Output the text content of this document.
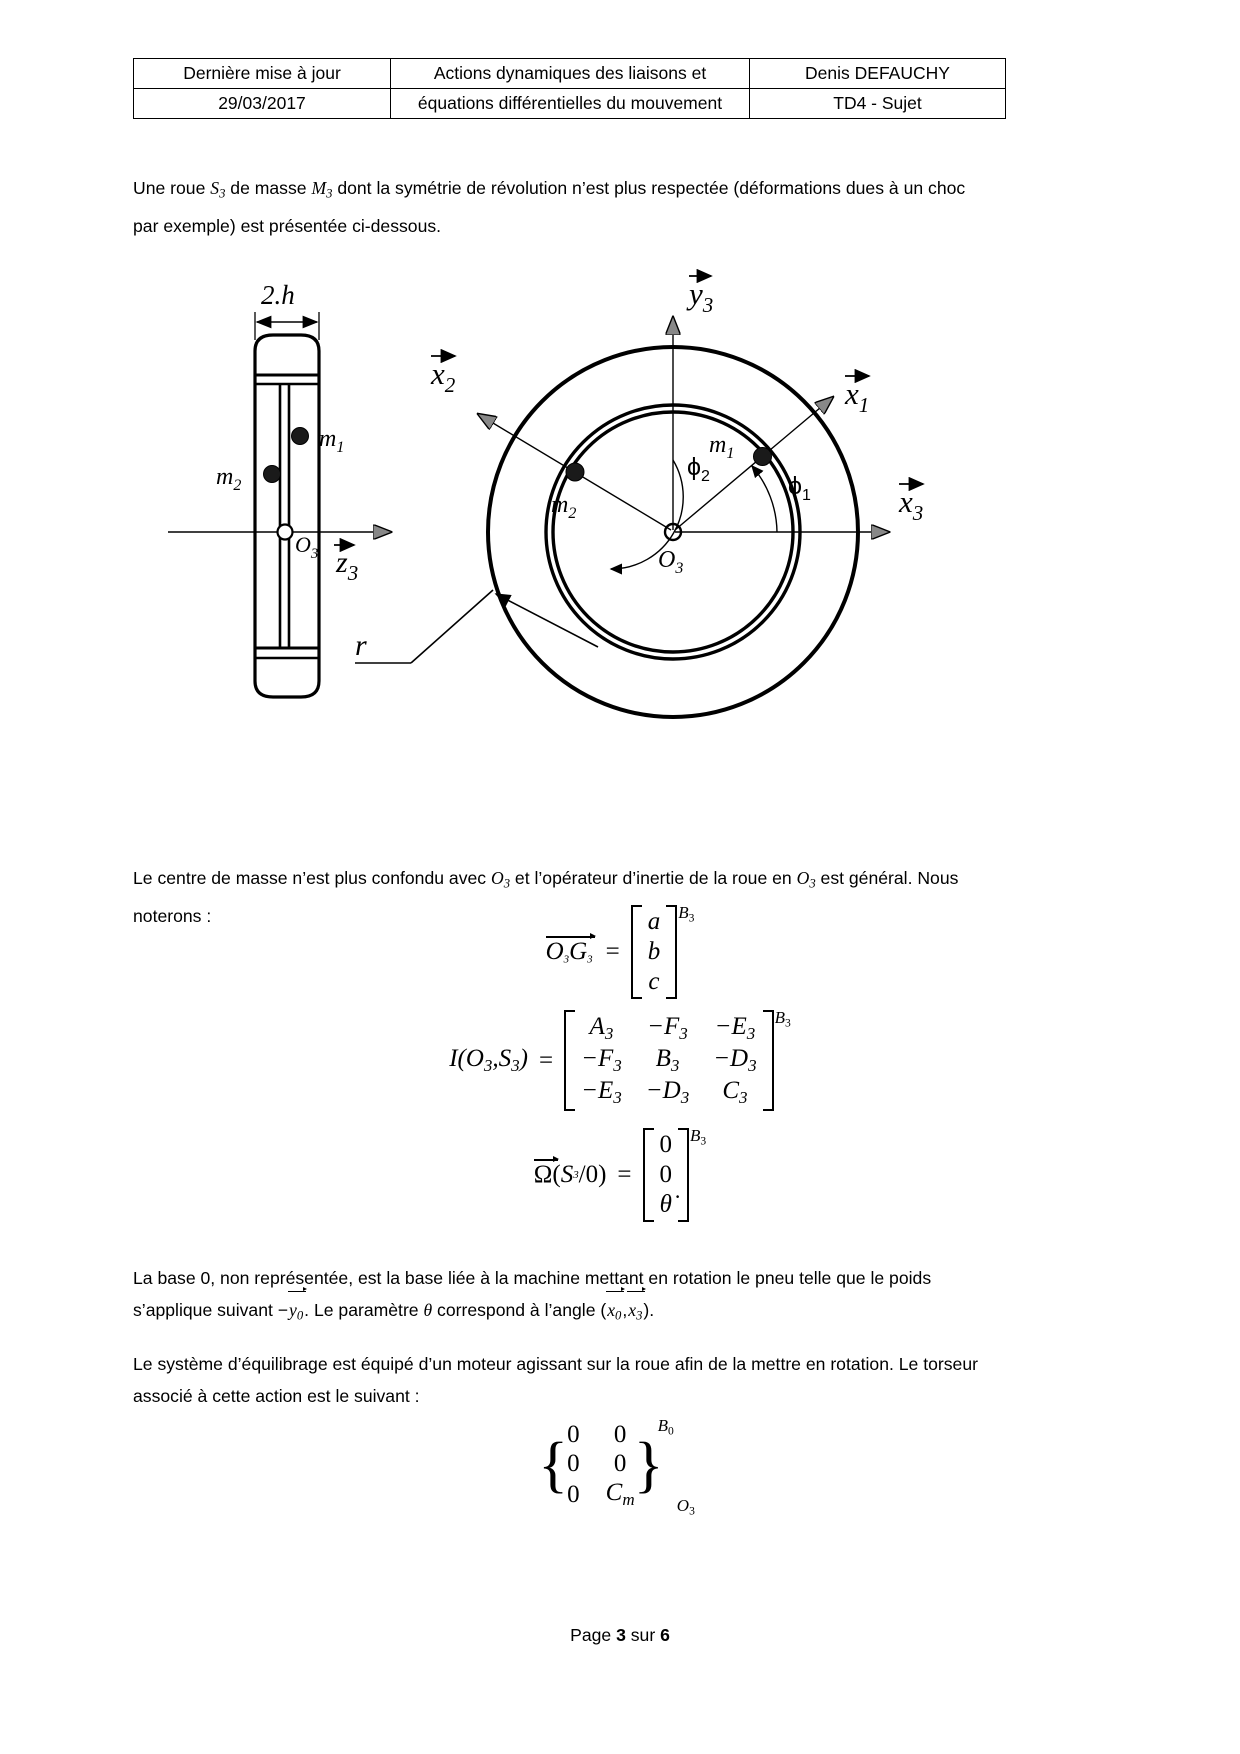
Dernière mise à jour	Actions dynamiques des liaisons et	Denis DEFAUCHY
29/03/2017	équations différentielles du mouvement	TD4 - Sujet
Une roue $S_3$ de masse $M_3$ dont la symétrie de révolution n’est plus respectée (déformations dues à un choc par exemple) est présentée ci-dessous.
2.h
$O_3$ $z_3$
$m_1$
$m_2$
$O_3$
$y_3$
$x_3$
$x_1$
$x_2$
$m_1$
$m_2$
$\phi_1$
$\phi_2$
r
Le centre de masse n’est plus confondu avec $O_3$ et l’opérateur d’inertie de la roue en $O_3$ est général. Nous noterons :
$O_3G_3$ =
a
b
c
$B_3$
$I(O_3,S_3)$ =
$A_3 -F_3 -E_3$
$-F_3$ $B_3 -D_3$
$-E_3 -D_3$ $C_3$
$B_3$
Ω ( S 3 /0) =
0
0
θ̇
$B_3$
La base 0, non représentée, est la base liée à la machine mettant en rotation le pneu telle que le poids s’applique suivant $-y_0$. Le paramètre θ correspond à l’angle $(x_0,x_3)$.
Le système d’équilibrage est équipé d’un moteur agissant sur la roue afin de la mettre en rotation. Le torseur associé à cette action est le suivant :
{ 0 0
0 0
0 $C_m$
}
$B_0$
$O_3$
Page 3 sur 6
